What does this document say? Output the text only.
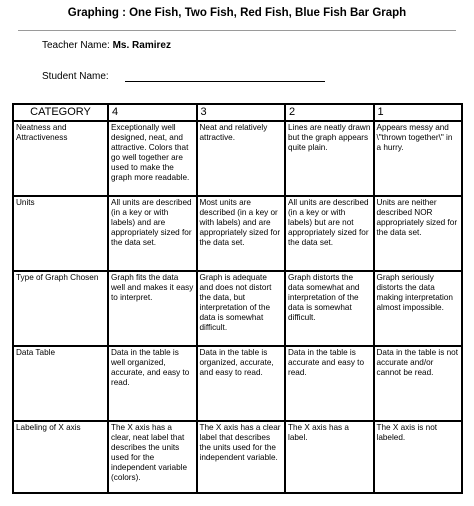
Graphing : One Fish, Two Fish, Red Fish, Blue Fish Bar Graph
Teacher Name: Ms. Ramirez
Student Name:
CATEGORY	4	3	2	1
Neatness and Attractiveness	Exceptionally well designed, neat, and attractive. Colors that go well together are used to make the graph more readable.	Neat and relatively attractive.	Lines are neatly drawn but the graph appears quite plain.	Appears messy and \"thrown together\" in a hurry.
Units	All units are described (in a key or with labels) and are appropriately sized for the data set.	Most units are described (in a key or with labels) and are appropriately sized for the data set.	All units are described (in a key or with labels) but are not appropriately sized for the data set.	Units are neither described NOR appropriately sized for the data set.
Type of Graph Chosen	Graph fits the data well and makes it easy to interpret.	Graph is adequate and does not distort the data, but interpretation of the data is somewhat difficult.	Graph distorts the data somewhat and interpretation of the data is somewhat difficult.	Graph seriously distorts the data making interpretation almost impossible.
Data Table	Data in the table is well organized, accurate, and easy to read.	Data in the table is organized, accurate, and easy to read.	Data in the table is accurate and easy to read.	Data in the table is not accurate and/or cannot be read.
Labeling of X axis	The X axis has a clear, neat label that describes the units used for the independent variable (colors).	The X axis has a clear label that describes the units used for the independent variable.	The X axis has a label.	The X axis is not labeled.
